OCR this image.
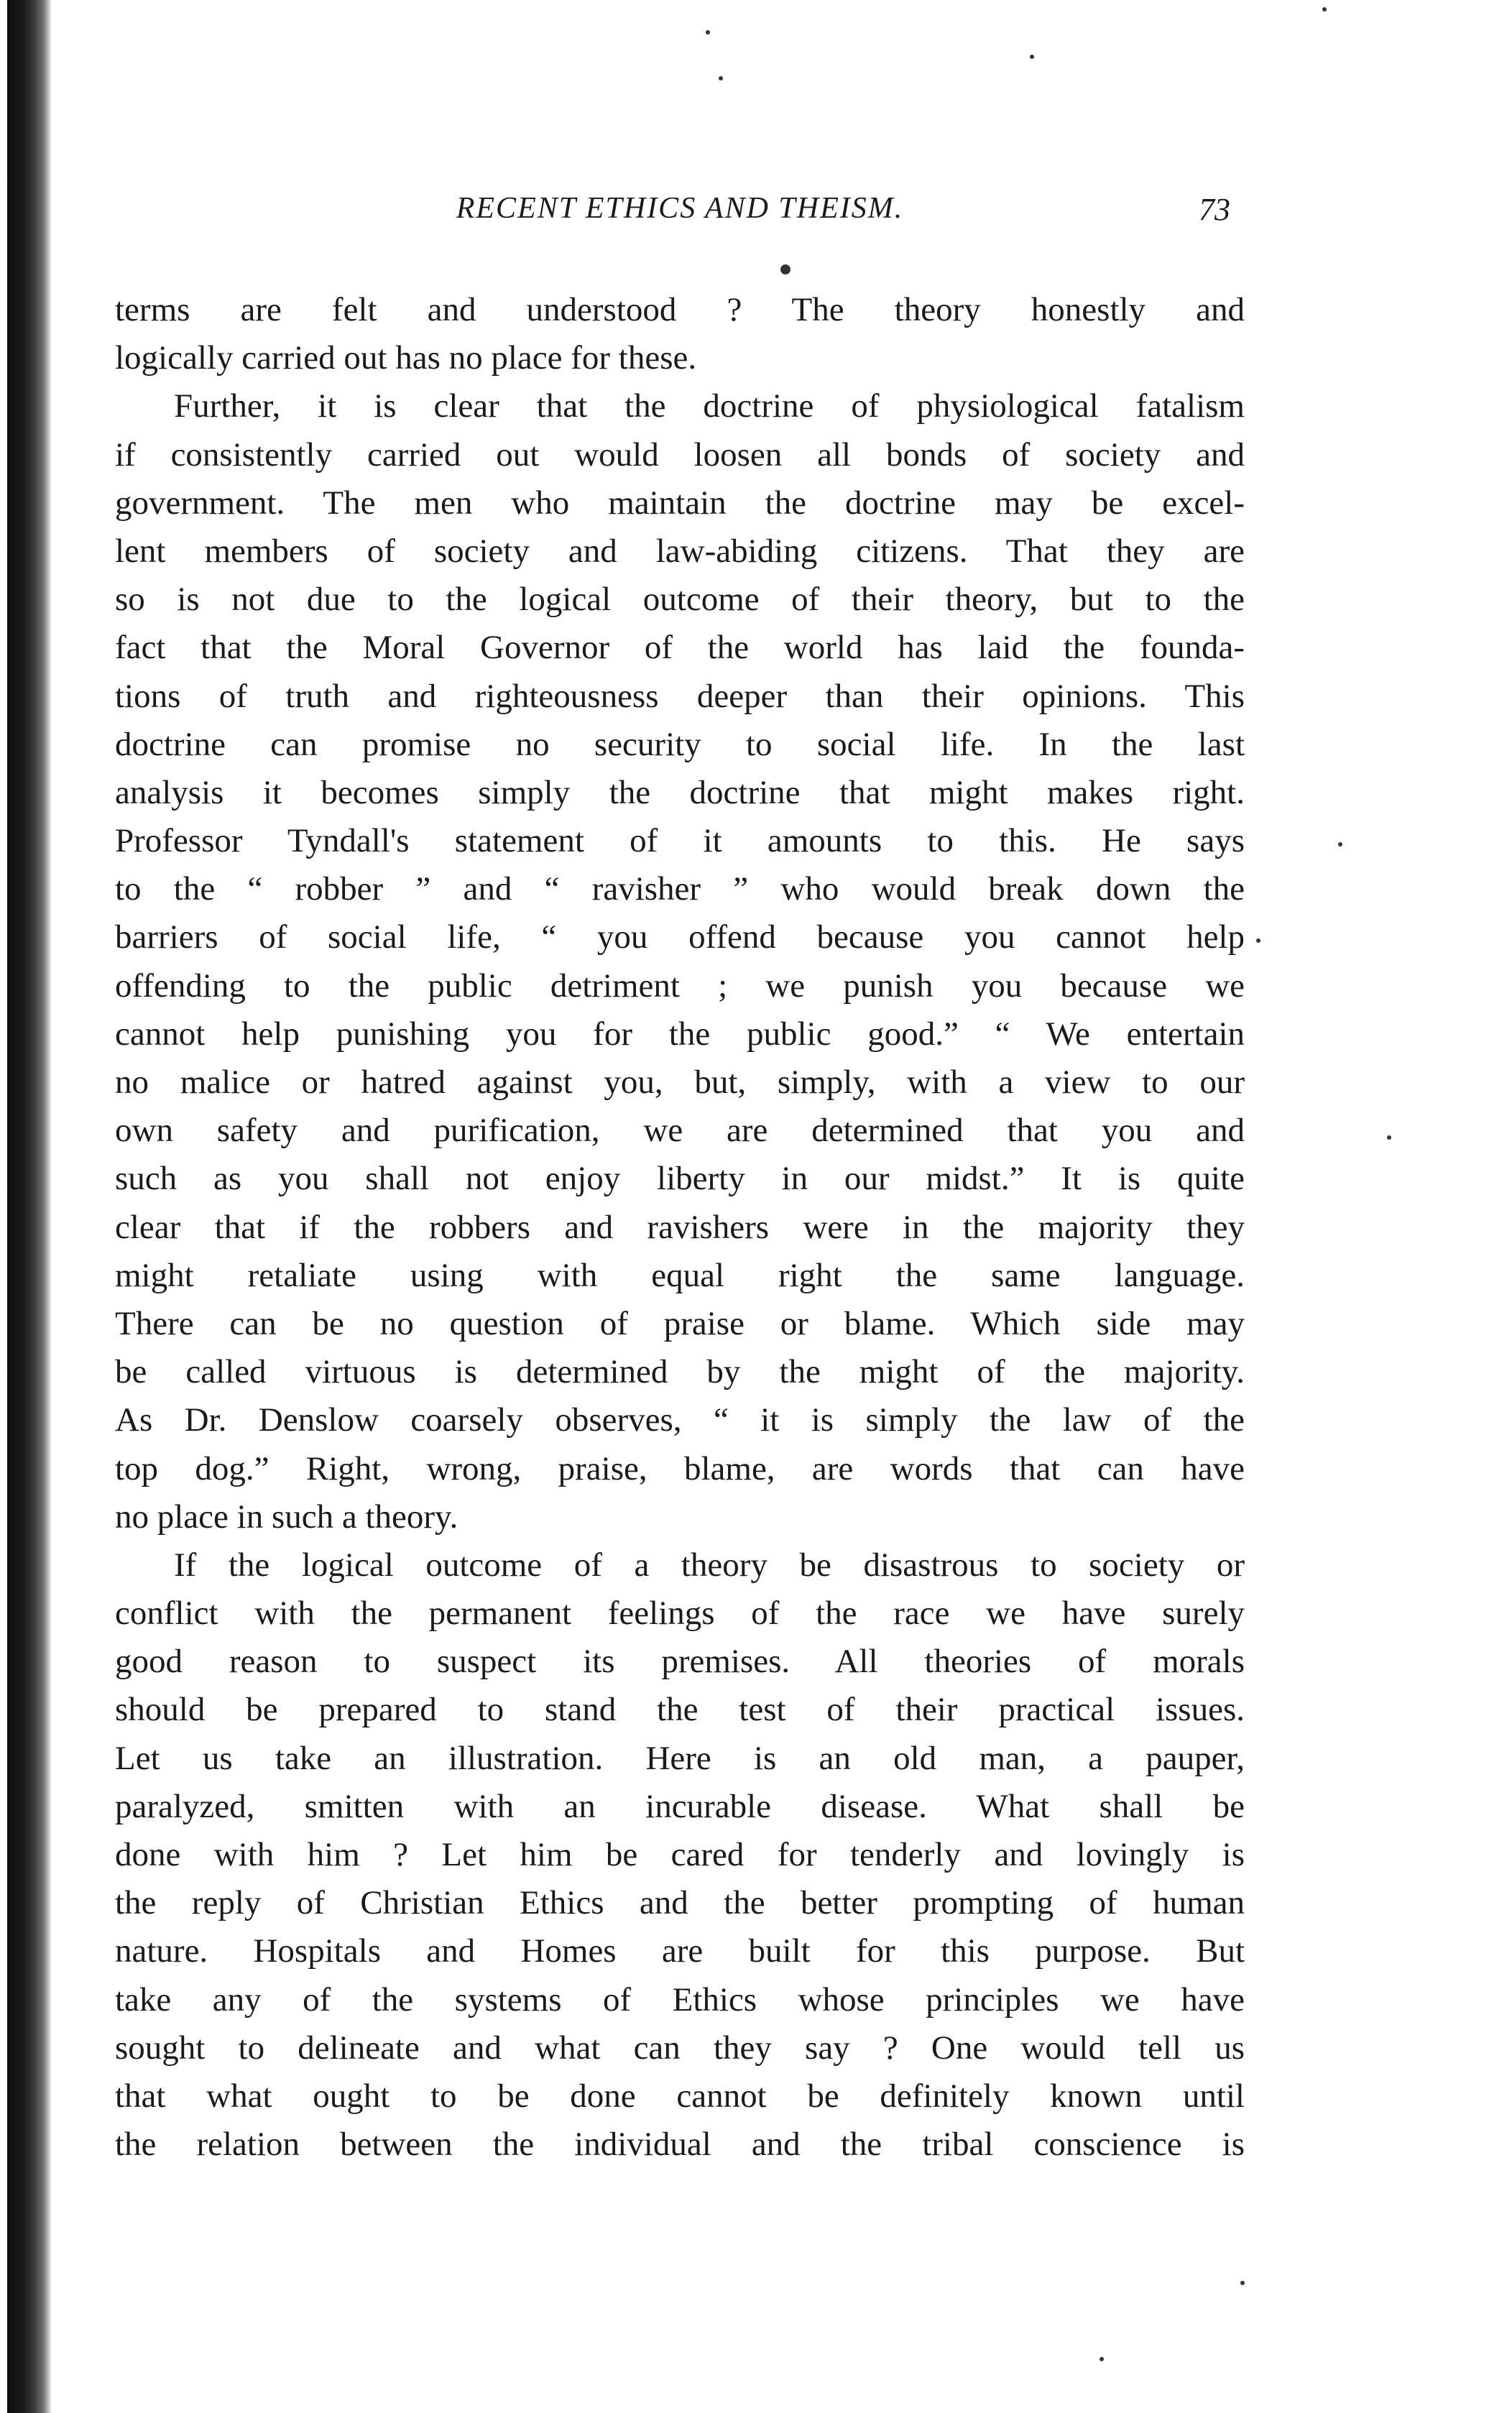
RECENT ETHICS AND THEISM.	73
terms are felt and understood ? The theory honestly and
logically carried out has no place for these.
Further, it is clear that the doctrine of physiological fatalism
if consistently carried out would loosen all bonds of society and
government. The men who maintain the doctrine may be excel-
lent members of society and law-abiding citizens. That they are
so is not due to the logical outcome of their theory, but to the
fact that the Moral Governor of the world has laid the founda-
tions of truth and righteousness deeper than their opinions. This
doctrine can promise no security to social life. In the last
analysis it becomes simply the doctrine that might makes right.
Professor Tyndall's statement of it amounts to this. He says
to the “ robber ” and “ ravisher ” who would break down the
barriers of social life, “ you offend because you cannot help
offending to the public detriment ; we punish you because we
cannot help punishing you for the public good.” “ We entertain
no malice or hatred against you, but, simply, with a view to our
own safety and purification, we are determined that you and
such as you shall not enjoy liberty in our midst.” It is quite
clear that if the robbers and ravishers were in the majority they
might retaliate using with equal right the same language.
There can be no question of praise or blame. Which side may
be called virtuous is determined by the might of the majority.
As Dr. Denslow coarsely observes, “ it is simply the law of the
top dog.” Right, wrong, praise, blame, are words that can have
no place in such a theory.
If the logical outcome of a theory be disastrous to society or
conflict with the permanent feelings of the race we have surely
good reason to suspect its premises. All theories of morals
should be prepared to stand the test of their practical issues.
Let us take an illustration. Here is an old man, a pauper,
paralyzed, smitten with an incurable disease. What shall be
done with him ? Let him be cared for tenderly and lovingly is
the reply of Christian Ethics and the better prompting of human
nature. Hospitals and Homes are built for this purpose. But
take any of the systems of Ethics whose principles we have
sought to delineate and what can they say ? One would tell us
that what ought to be done cannot be definitely known until
the relation between the individual and the tribal conscience is
